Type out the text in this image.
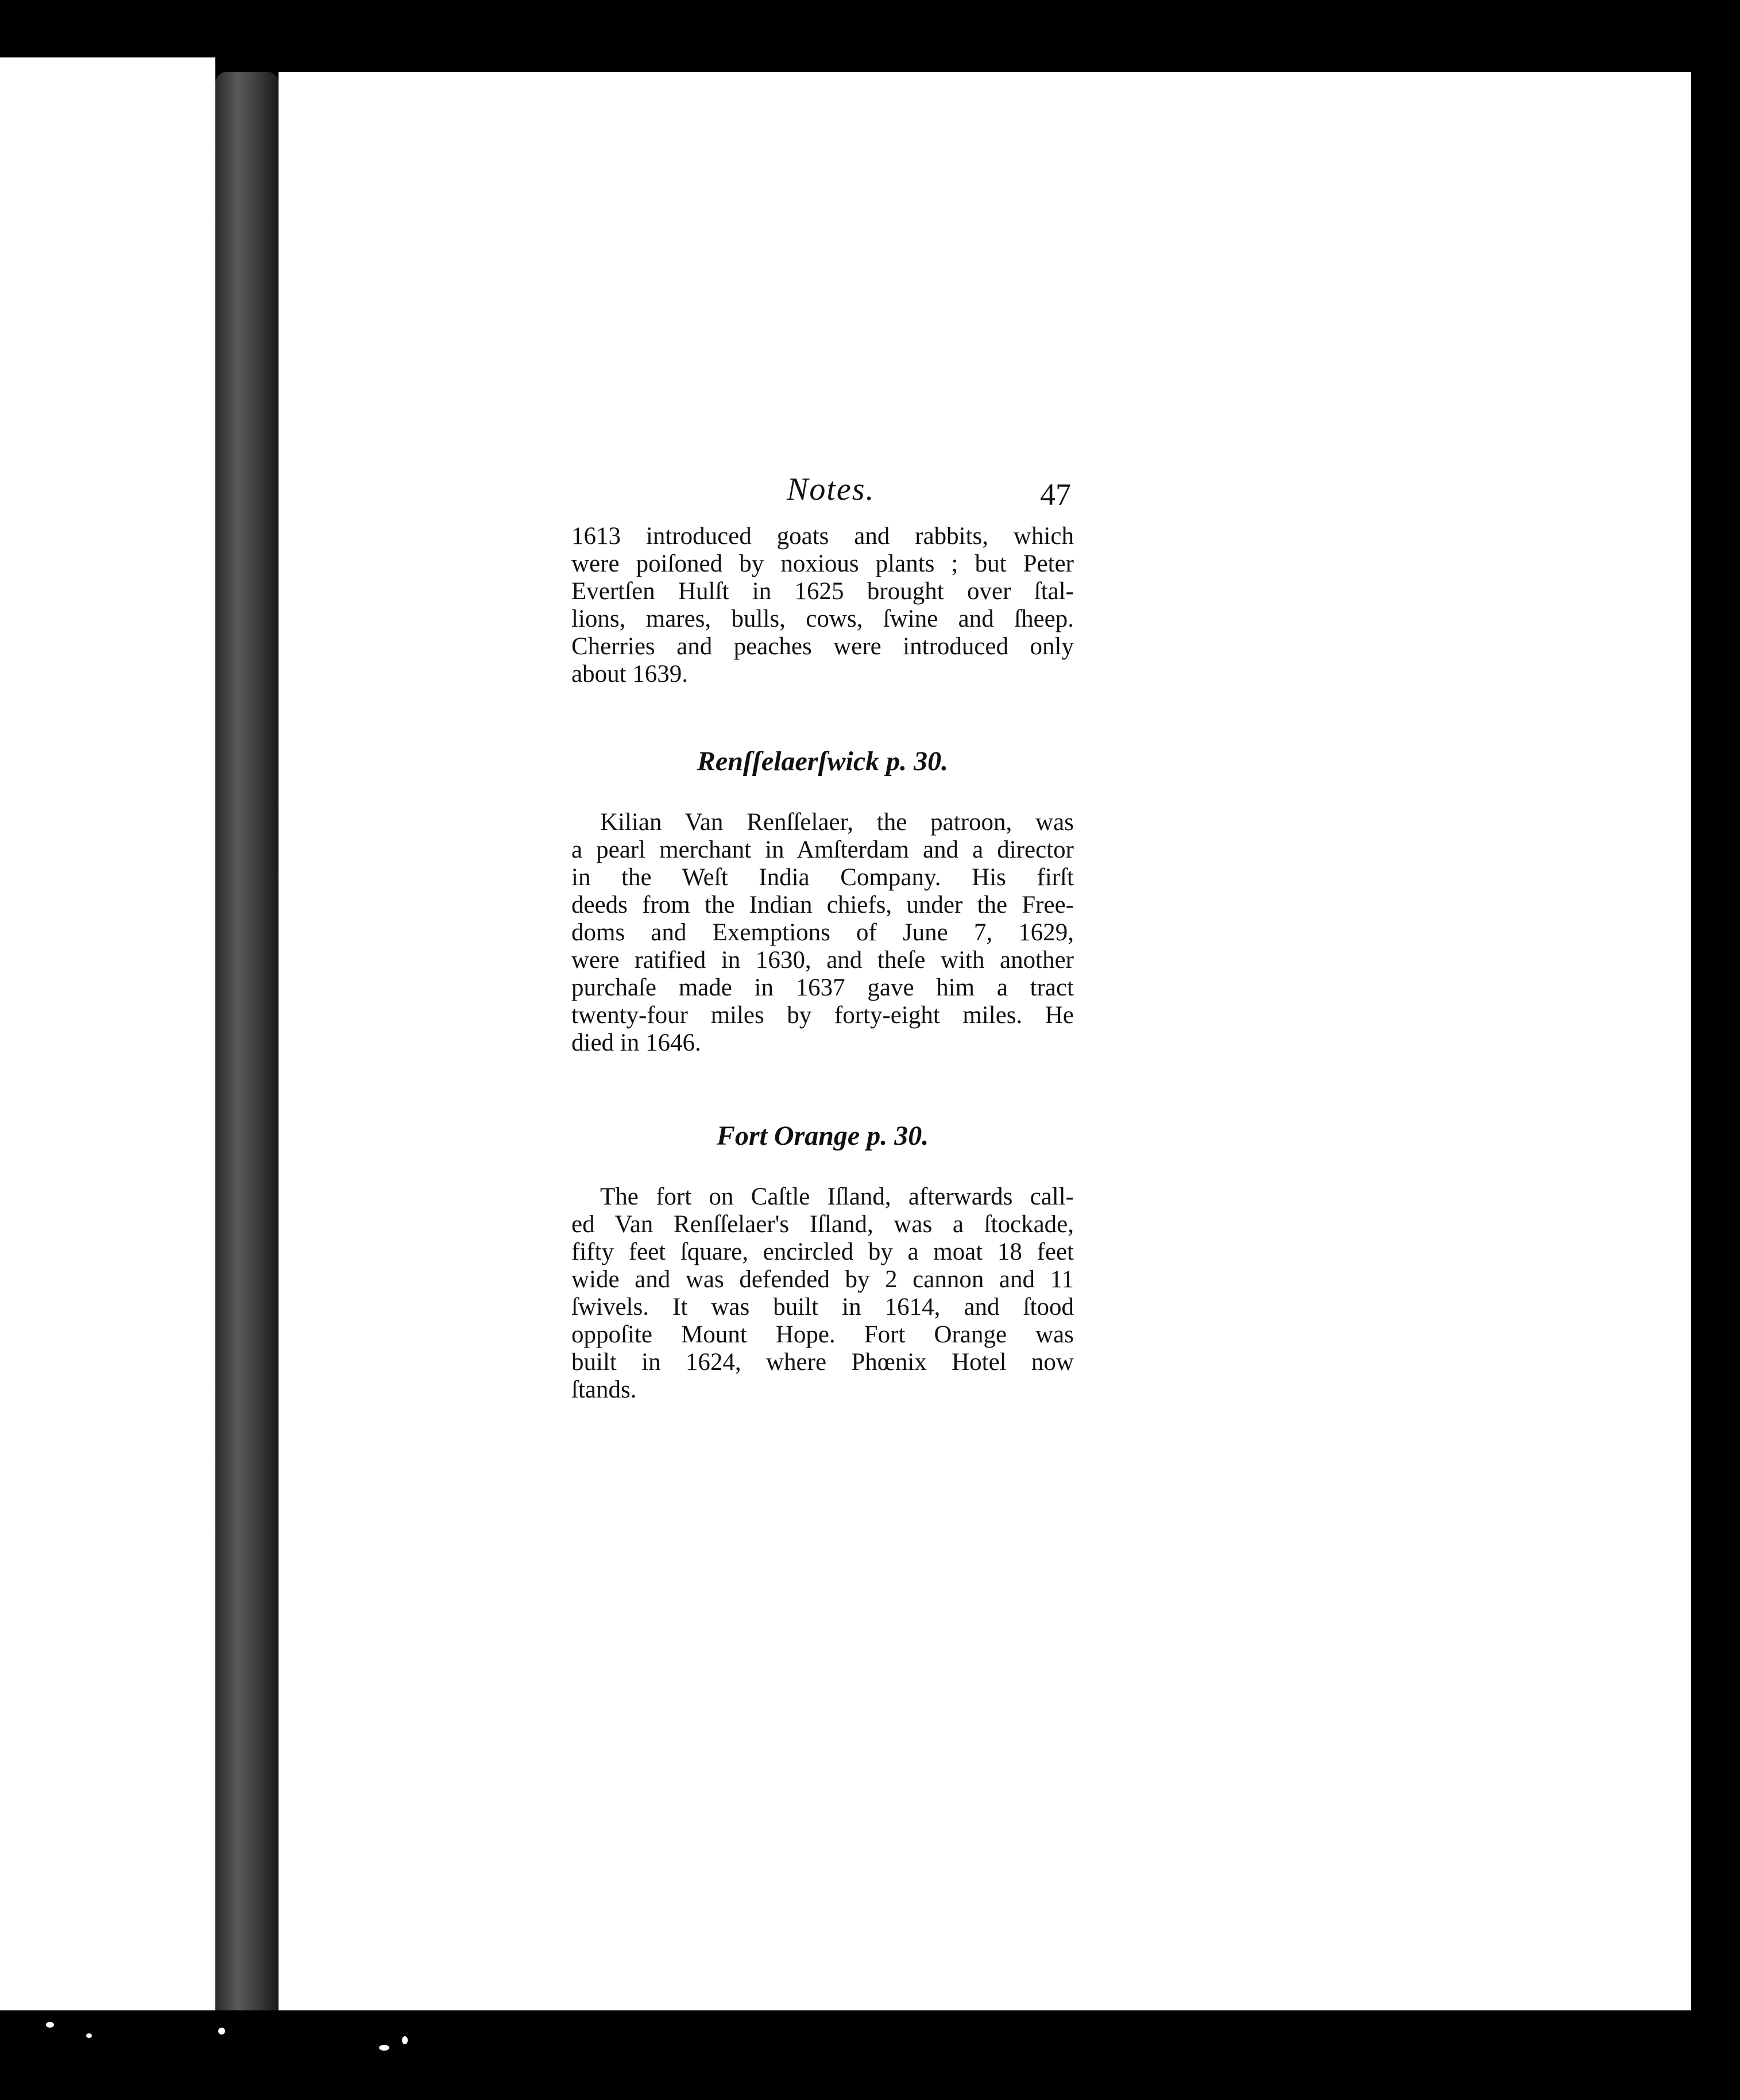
Notes.	47
1613 introduced goats and rabbits, which
were poiſoned by noxious plants ; but Peter
Evertſen Hulſt in 1625 brought over ſtal-
lions, mares, bulls, cows, ſwine and ſheep.
Cherries and peaches were introduced only
about 1639.
Renſſelaerſwick p. 30.
Kilian Van Renſſelaer, the patroon, was
a pearl merchant in Amſterdam and a director
in the Weſt India Company. His firſt
deeds from the Indian chiefs, under the Free-
doms and Exemptions of June 7, 1629,
were ratified in 1630, and theſe with another
purchaſe made in 1637 gave him a tract
twenty-four miles by forty-eight miles. He
died in 1646.
Fort Orange p. 30.
The fort on Caſtle Iſland, afterwards call-
ed Van Renſſelaer's Iſland, was a ſtockade,
fifty feet ſquare, encircled by a moat 18 feet
wide and was defended by 2 cannon and 11
ſwivels. It was built in 1614, and ſtood
oppoſite Mount Hope. Fort Orange was
built in 1624, where Phœnix Hotel now
ſtands.
